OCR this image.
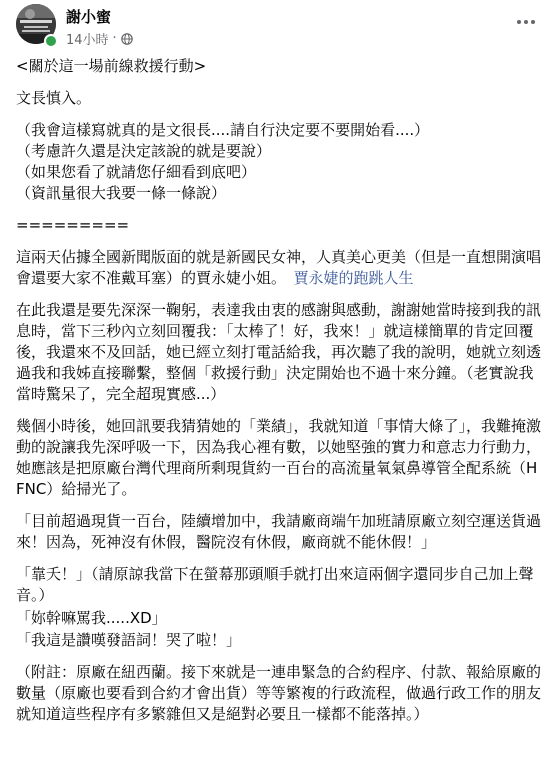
謝小蜜
14小時 ·

<關於這一場前線救援行動>

文長慎入。

（我會這樣寫就真的是文很長....請自行決定要不要開始看....）
（考慮許久還是決定該說的就是要說）
（如果您看了就請您仔細看到底吧）
（資訊量很大我要一條一條說）

=========

這兩天佔據全國新聞版面的就是新國民女神，人真美心更美（但是一直想開演唱會還要大家不准戴耳塞）的賈永婕小姐。　 賈永婕的跑跳人生

在此我還是要先深深一鞠躬，表達我由衷的感謝與感動，謝謝她當時接到我的訊息時，當下三秒內立刻回覆我：「太棒了！好，我來！」就這樣簡單的肯定回覆後，我還來不及回話，她已經立刻打電話給我，再次聽了我的說明，她就立刻透過我和我姊直接聯繫，整個「救援行動」決定開始也不過十來分鐘。（老實說我當時驚呆了，完全超現實感...）

幾個小時後，她回訊要我猜猜她的「業績」，我就知道「事情大條了」，我難掩激動的說讓我先深呼吸一下，因為我心裡有數，以她堅強的實力和意志力行動力，她應該是把原廠台灣代理商所剩現貨約一百台的高流量氧氣鼻導管全配系統（HFNC）給掃光了。

「目前超過現貨一百台，陸續增加中，我請廠商端午加班請原廠立刻空運送貨過來！因為，死神沒有休假，醫院沒有休假，廠商就不能休假！」

「靠夭！」（請原諒我當下在螢幕那頭順手就打出來這兩個字還同步自己加上聲音。）

「妳幹嘛罵我.....XD」

「我這是讚嘆發語詞！哭了啦！」

（附註：原廠在紐西蘭。接下來就是一連串緊急的合約程序、付款、報給原廠的數量（原廠也要看到合約才會出貨）等等繁複的行政流程，做過行政工作的朋友就知道這些程序有多繁雜但又是絕對必要且一樣都不能落掉。）
